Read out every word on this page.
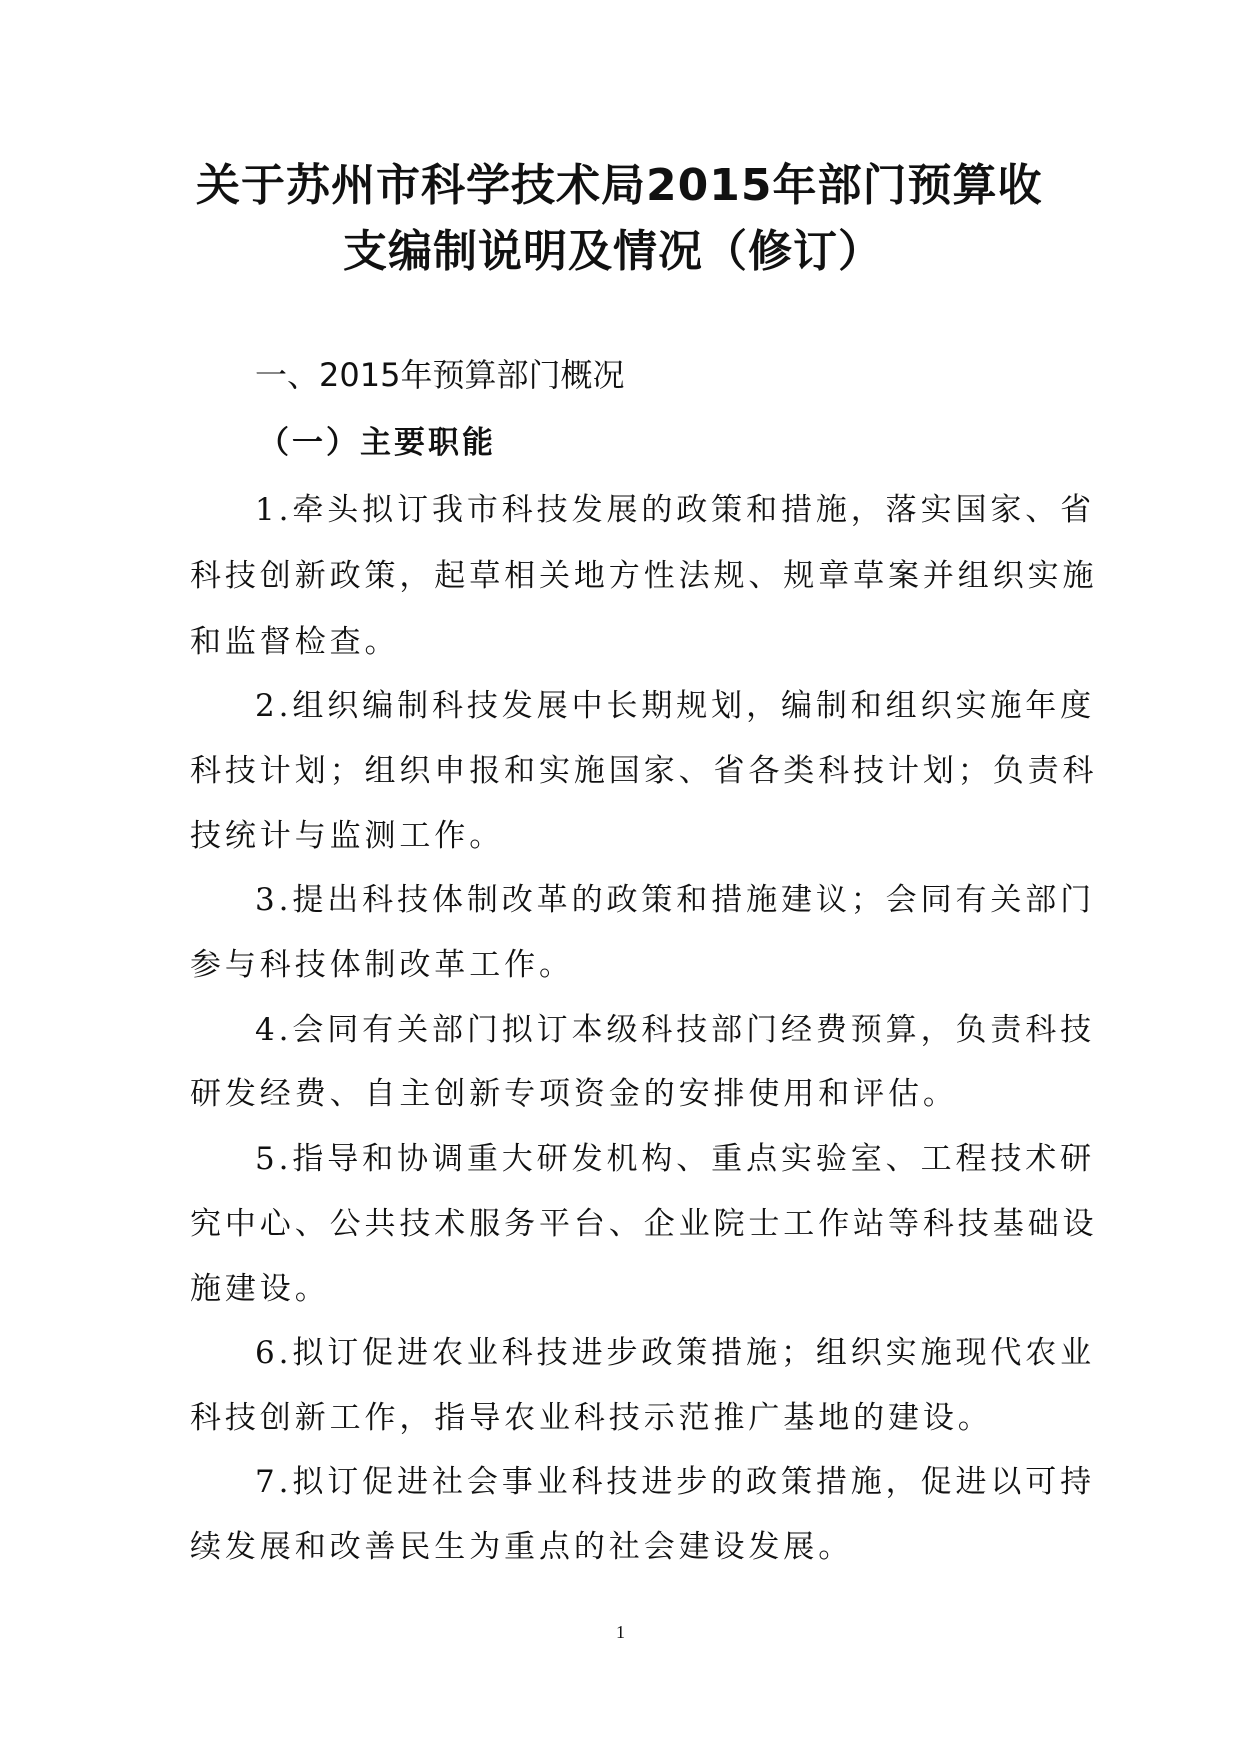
关于苏州市科学技术局2015年部门预算收
支编制说明及情况（修订）
一、2015年预算部门概况
（一）主要职能
1.牵头拟订我市科技发展的政策和措施，落实国家、省
科技创新政策，起草相关地方性法规、规章草案并组织实施
和监督检查。
2.组织编制科技发展中长期规划，编制和组织实施年度
科技计划；组织申报和实施国家、省各类科技计划；负责科
技统计与监测工作。
3.提出科技体制改革的政策和措施建议；会同有关部门
参与科技体制改革工作。
4.会同有关部门拟订本级科技部门经费预算，负责科技
研发经费、自主创新专项资金的安排使用和评估。
5.指导和协调重大研发机构、重点实验室、工程技术研
究中心、公共技术服务平台、企业院士工作站等科技基础设
施建设。
6.拟订促进农业科技进步政策措施；组织实施现代农业
科技创新工作，指导农业科技示范推广基地的建设。
7.拟订促进社会事业科技进步的政策措施，促进以可持
续发展和改善民生为重点的社会建设发展。
1
